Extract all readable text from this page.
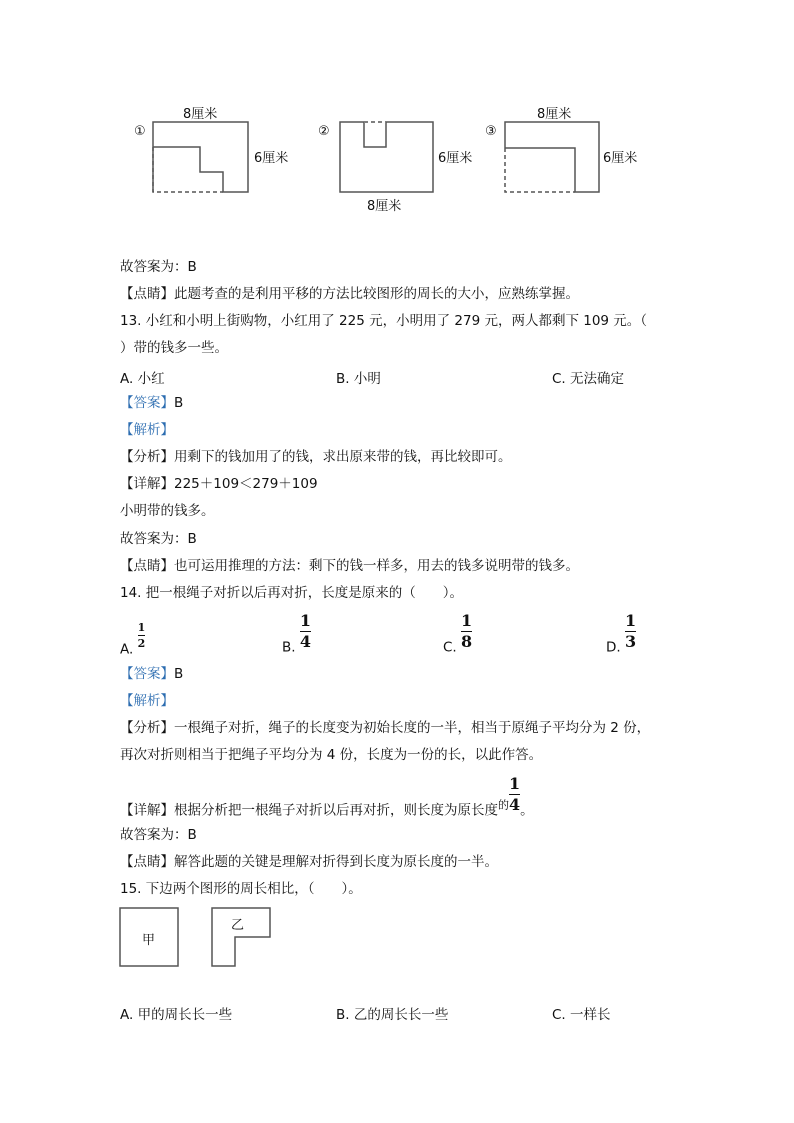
8厘米
①
6厘米
②
6厘米
8厘米
③
8厘米
6厘米
故答案为：B
【点睛】此题考查的是利用平移的方法比较图形的周长的大小，应熟练掌握。
13. 小红和小明上街购物，小红用了 225 元，小明用了 279 元，两人都剩下 109 元。（
）带的钱多一些。
A. 小红	B. 小明	C. 无法确定
【答案】B
【解析】
【分析】用剩下的钱加用了的钱，求出原来带的钱，再比较即可。
【详解】225＋109＜279＋109
小明带的钱多。
故答案为：B
【点睛】也可运用推理的方法：剩下的钱一样多，用去的钱多说明带的钱多。
14. 把一根绳子对折以后再对折，长度是原来的（　　）。
A.
$\frac{1}{2}$	B. $\frac{1}{4}$	C. $\frac{1}{8}$	D. $\frac{1}{3}$
【答案】B
【解析】
【分析】一根绳子对折，绳子的长度变为初始长度的一半，相当于原绳子平均分为 2 份，
再次对折则相当于把绳子平均分为 4 份，长度为一份的长，以此作答。
【详解】根据分析把一根绳子对折以后再对折，则长度为原长度$_的 \frac{1}{4}$ 。
故答案为：B
【点睛】解答此题的关键是理解对折得到长度为原长度的一半。
15. 下边两个图形的周长相比，（　　）。
甲
乙
A. 甲的周长长一些	B. 乙的周长长一些	C. 一样长
